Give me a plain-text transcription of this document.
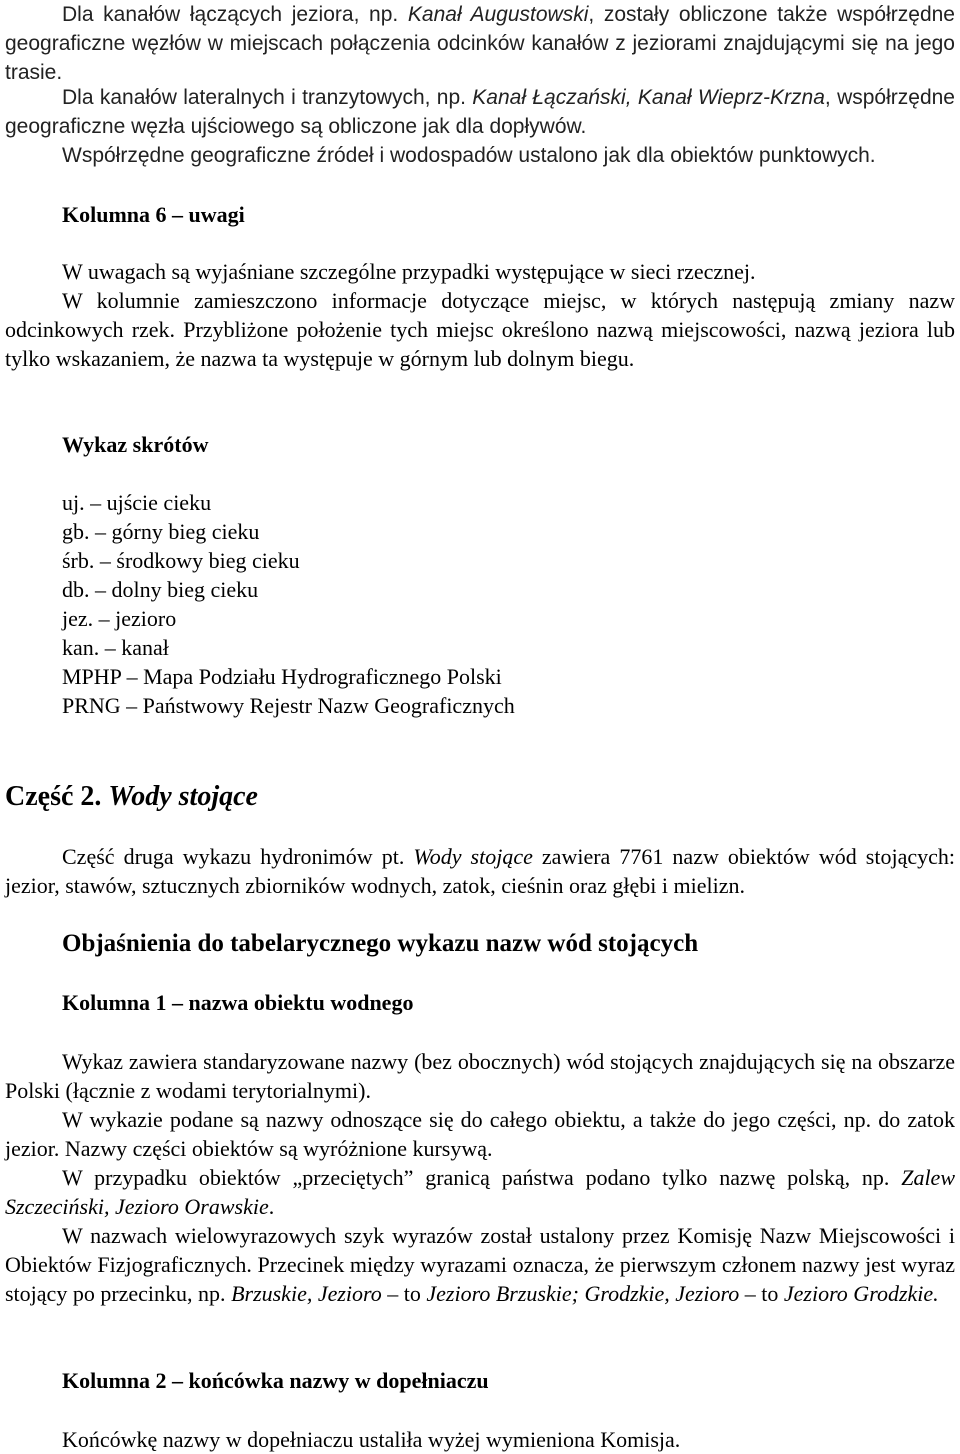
Dla kanałów łączących jeziora, np. Kanał Augustowski, zostały obliczone także współrzędne geograficzne węzłów w miejscach połączenia odcinków kanałów z jeziorami znajdującymi się na jego trasie.

Dla kanałów lateralnych i tranzytowych, np. Kanał Łączański, Kanał Wieprz-Krzna, współrzędne geograficzne węzła ujściowego są obliczone jak dla dopływów.

Współrzędne geograficzne źródeł i wodospadów ustalono jak dla obiektów punktowych.

Kolumna 6 – uwagi

W uwagach są wyjaśniane szczególne przypadki występujące w sieci rzecznej.

W kolumnie zamieszczono informacje dotyczące miejsc, w których następują zmiany nazw odcinkowych rzek. Przybliżone położenie tych miejsc określono nazwą miejscowości, nazwą jeziora lub tylko wskazaniem, że nazwa ta występuje w górnym lub dolnym biegu.

Wykaz skrótów
uj. – ujście cieku
gb. – górny bieg cieku
śrb. – środkowy bieg cieku
db. – dolny bieg cieku
jez. – jezioro
kan. – kanał
MPHP – Mapa Podziału Hydrograficznego Polski
PRNG – Państwowy Rejestr Nazw Geograficznych
Część 2. Wody stojące

Część druga wykazu hydronimów pt. Wody stojące zawiera 7761 nazw obiektów wód stojących: jezior, stawów, sztucznych zbiorników wodnych, zatok, cieśnin oraz głębi i mielizn.

Objaśnienia do tabelarycznego wykazu nazw wód stojących
Kolumna 1 – nazwa obiektu wodnego

Wykaz zawiera standaryzowane nazwy (bez obocznych) wód stojących znajdujących się na obszarze Polski (łącznie z wodami terytorialnymi).

W wykazie podane są nazwy odnoszące się do całego obiektu, a także do jego części, np. do zatok jezior. Nazwy części obiektów są wyróżnione kursywą.

W przypadku obiektów „przeciętych” granicą państwa podano tylko nazwę polską, np. Zalew Szczeciński, Jezioro Orawskie.

W nazwach wielowyrazowych szyk wyrazów został ustalony przez Komisję Nazw Miejscowości i Obiektów Fizjograficznych. Przecinek między wyrazami oznacza, że pierwszym członem nazwy jest wyraz stojący po przecinku, np. Brzuskie, Jezioro – to Jezioro Brzuskie; Grodzkie, Jezioro – to Jezioro Grodzkie.

Kolumna 2 – końcówka nazwy w dopełniaczu

Końcówkę nazwy w dopełniaczu ustaliła wyżej wymieniona Komisja.
